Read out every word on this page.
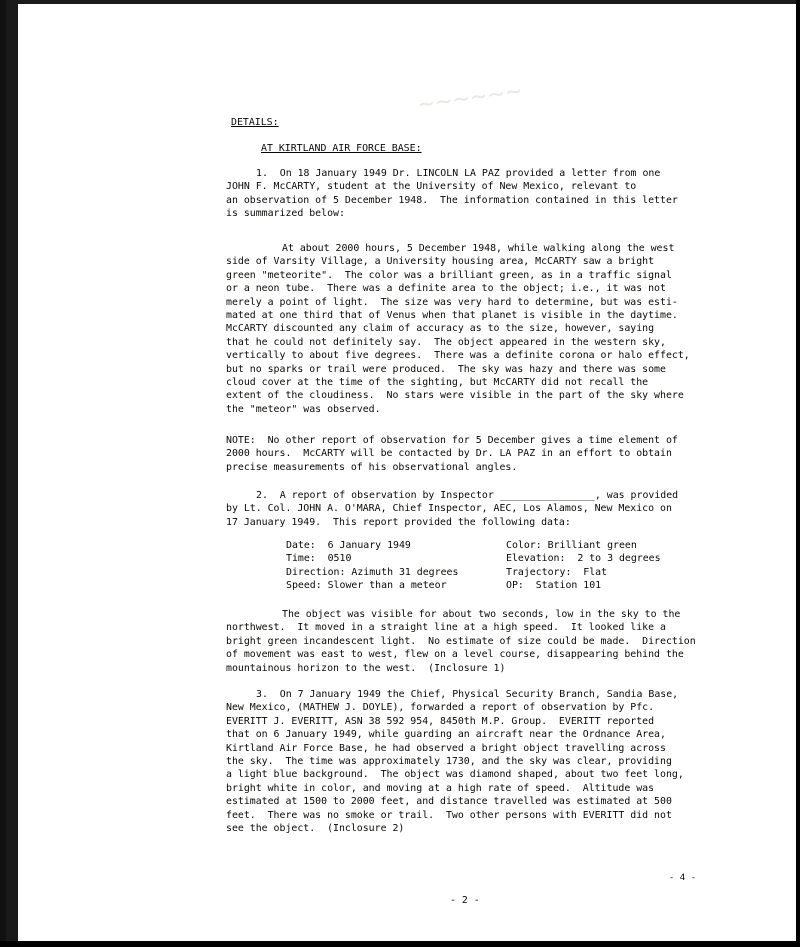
~~~~~~
DETAILS:
AT KIRTLAND AIR FORCE BASE:
1.  On 18 January 1949 Dr. LINCOLN LA PAZ provided a letter from one
JOHN F. McCARTY, student at the University of New Mexico, relevant to
an observation of 5 December 1948.  The information contained in this letter
is summarized below:
At about 2000 hours, 5 December 1948, while walking along the west
side of Varsity Village, a University housing area, McCARTY saw a bright
green "meteorite".  The color was a brilliant green, as in a traffic signal
or a neon tube.  There was a definite area to the object; i.e., it was not
merely a point of light.  The size was very hard to determine, but was esti-
mated at one third that of Venus when that planet is visible in the daytime.
McCARTY discounted any claim of accuracy as to the size, however, saying
that he could not definitely say.  The object appeared in the western sky,
vertically to about five degrees.  There was a definite corona or halo effect,
but no sparks or trail were produced.  The sky was hazy and there was some
cloud cover at the time of the sighting, but McCARTY did not recall the
extent of the cloudiness.  No stars were visible in the part of the sky where
the "meteor" was observed.
NOTE:  No other report of observation for 5 December gives a time element of
2000 hours.  McCARTY will be contacted by Dr. LA PAZ in an effort to obtain
precise measurements of his observational angles.
2.  A report of observation by Inspector ________________, was provided
by Lt. Col. JOHN A. O'MARA, Chief Inspector, AEC, Los Alamos, New Mexico on
17 January 1949.  This report provided the following data:
Date:  6 January 1949
Time:  0510
Direction: Azimuth 31 degrees
Speed: Slower than a meteor
Color: Brilliant green
Elevation:  2 to 3 degrees
Trajectory:  Flat
OP:  Station 101
The object was visible for about two seconds, low in the sky to the
northwest.  It moved in a straight line at a high speed.  It looked like a
bright green incandescent light.  No estimate of size could be made.  Direction
of movement was east to west, flew on a level course, disappearing behind the
mountainous horizon to the west.  (Inclosure 1)
3.  On 7 January 1949 the Chief, Physical Security Branch, Sandia Base,
New Mexico, (MATHEW J. DOYLE), forwarded a report of observation by Pfc.
EVERITT J. EVERITT, ASN 38 592 954, 8450th M.P. Group.  EVERITT reported
that on 6 January 1949, while guarding an aircraft near the Ordnance Area,
Kirtland Air Force Base, he had observed a bright object travelling across
the sky.  The time was approximately 1730, and the sky was clear, providing
a light blue background.  The object was diamond shaped, about two feet long,
bright white in color, and moving at a high rate of speed.  Altitude was
estimated at 1500 to 2000 feet, and distance travelled was estimated at 500
feet.  There was no smoke or trail.  Two other persons with EVERITT did not
see the object.  (Inclosure 2)
- 2 -
- 4 -
